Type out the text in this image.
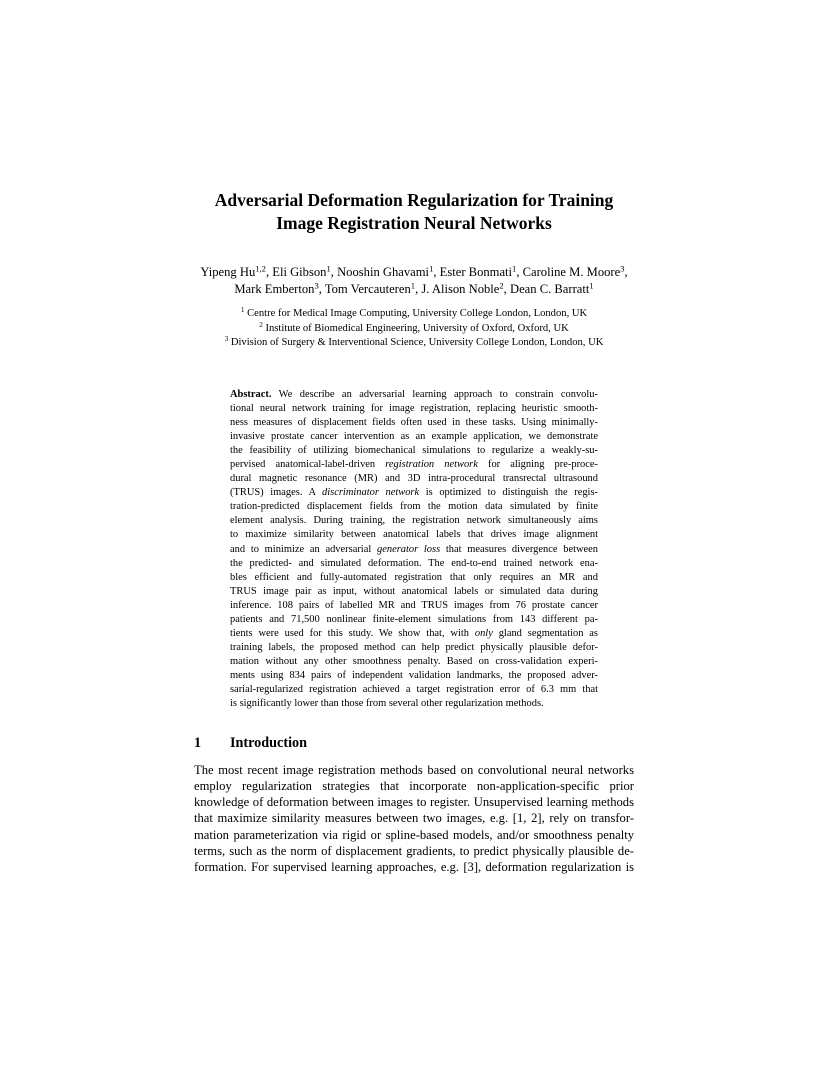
Adversarial Deformation Regularization for Training
Image Registration Neural Networks
Yipeng Hu$^{1,2}$, Eli Gibson$^1$, Nooshin Ghavami$^1$, Ester Bonmati$^1$, Caroline M. Moore$^3$,
Mark Emberton$^3$, Tom Vercauteren$^1$, J. Alison Noble$^2$, Dean C. Barratt$^1$
$^1$ Centre for Medical Image Computing, University College London, London, UK
$^2$ Institute of Biomedical Engineering, University of Oxford, Oxford, UK
$^3$ Division of Surgery & Interventional Science, University College London, London, UK
Abstract. We describe an adversarial learning approach to constrain convolu-
tional neural network training for image registration, replacing heuristic smooth-
ness measures of displacement fields often used in these tasks. Using minimally-
invasive prostate cancer intervention as an example application, we demonstrate
the feasibility of utilizing biomechanical simulations to regularize a weakly-su-
pervised anatomical-label-driven registration network for aligning pre-proce-
dural magnetic resonance (MR) and 3D intra-procedural transrectal ultrasound
(TRUS) images. A discriminator network is optimized to distinguish the regis-
tration-predicted displacement fields from the motion data simulated by finite
element analysis. During training, the registration network simultaneously aims
to maximize similarity between anatomical labels that drives image alignment
and to minimize an adversarial generator loss that measures divergence between
the predicted- and simulated deformation. The end-to-end trained network ena-
bles efficient and fully-automated registration that only requires an MR and
TRUS image pair as input, without anatomical labels or simulated data during
inference. 108 pairs of labelled MR and TRUS images from 76 prostate cancer
patients and 71,500 nonlinear finite-element simulations from 143 different pa-
tients were used for this study. We show that, with only gland segmentation as
training labels, the proposed method can help predict physically plausible defor-
mation without any other smoothness penalty. Based on cross-validation experi-
ments using 834 pairs of independent validation landmarks, the proposed adver-
sarial-regularized registration achieved a target registration error of 6.3 mm that
is significantly lower than those from several other regularization methods.
1 Introduction
The most recent image registration methods based on convolutional neural networks
employ regularization strategies that incorporate non-application-specific prior
knowledge of deformation between images to register. Unsupervised learning methods
that maximize similarity measures between two images, e.g. [1, 2], rely on transfor-
mation parameterization via rigid or spline-based models, and/or smoothness penalty
terms, such as the norm of displacement gradients, to predict physically plausible de-
formation. For supervised learning approaches, e.g. [3], deformation regularization is
